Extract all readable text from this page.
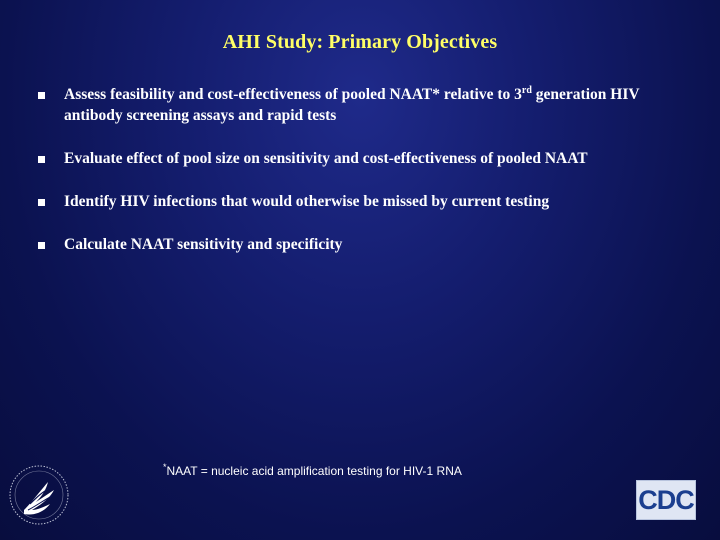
AHI Study: Primary Objectives
Assess feasibility and cost-effectiveness of pooled NAAT* relative to 3rd generation HIV antibody screening assays and rapid tests
Evaluate effect of pool size on sensitivity and cost-effectiveness of pooled NAAT
Identify HIV infections that would otherwise be missed by current testing
Calculate NAAT sensitivity and specificity
*NAAT = nucleic acid amplification testing for HIV-1 RNA
CDC
